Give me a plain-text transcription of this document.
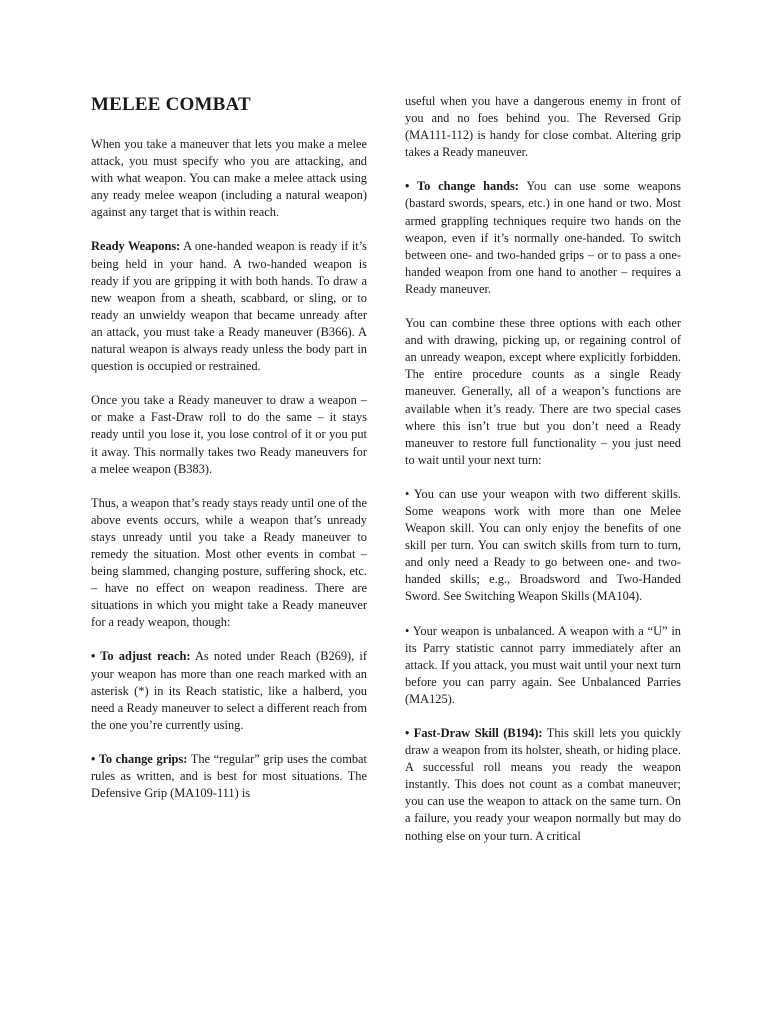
MELEE COMBAT

When you take a maneuver that lets you make a melee attack, you must specify who you are attacking, and with what weapon. You can make a melee attack using any ready melee weapon (including a natural weapon) against any target that is within reach.

Ready Weapons: A one-handed weapon is ready if it’s being held in your hand. A two-handed weapon is ready if you are gripping it with both hands. To draw a new weapon from a sheath, scabbard, or sling, or to ready an unwieldy weapon that became unready after an attack, you must take a Ready maneuver (B366). A natural weapon is always ready unless the body part in question is occupied or restrained.

Once you take a Ready maneuver to draw a weapon – or make a Fast-Draw roll to do the same – it stays ready until you lose it, you lose control of it or you put it away. This normally takes two Ready maneuvers for a melee weapon (B383).

Thus, a weapon that’s ready stays ready until one of the above events occurs, while a weapon that’s unready stays unready until you take a Ready maneuver to remedy the situation. Most other events in combat – being slammed, changing posture, suffering shock, etc. – have no effect on weapon readiness. There are situations in which you might take a Ready maneuver for a ready weapon, though:

• To adjust reach: As noted under Reach (B269), if your weapon has more than one reach marked with an asterisk (*) in its Reach statistic, like a halberd, you need a Ready maneuver to select a different reach from the one you’re currently using.

• To change grips: The “regular” grip uses the combat rules as written, and is best for most situations. The Defensive Grip (MA109-111) is

useful when you have a dangerous enemy in front of you and no foes behind you. The Reversed Grip (MA111-112) is handy for close combat. Altering grip takes a Ready maneuver.

• To change hands: You can use some weapons (bastard swords, spears, etc.) in one hand or two. Most armed grappling techniques require two hands on the weapon, even if it’s normally one-handed. To switch between one- and two-handed grips – or to pass a one-handed weapon from one hand to another – requires a Ready maneuver.

You can combine these three options with each other and with drawing, picking up, or regaining control of an unready weapon, except where explicitly forbidden. The entire procedure counts as a single Ready maneuver. Generally, all of a weapon’s functions are available when it’s ready. There are two special cases where this isn’t true but you don’t need a Ready maneuver to restore full functionality – you just need to wait until your next turn:

• You can use your weapon with two different skills. Some weapons work with more than one Melee Weapon skill. You can only enjoy the benefits of one skill per turn. You can switch skills from turn to turn, and only need a Ready to go between one- and two-handed skills; e.g., Broadsword and Two-Handed Sword. See Switching Weapon Skills (MA104).

• Your weapon is unbalanced. A weapon with a “U” in its Parry statistic cannot parry immediately after an attack. If you attack, you must wait until your next turn before you can parry again. See Unbalanced Parries (MA125).

• Fast-Draw Skill (B194): This skill lets you quickly draw a weapon from its holster, sheath, or hiding place. A successful roll means you ready the weapon instantly. This does not count as a combat maneuver; you can use the weapon to attack on the same turn. On a failure, you ready your weapon normally but may do nothing else on your turn. A critical
